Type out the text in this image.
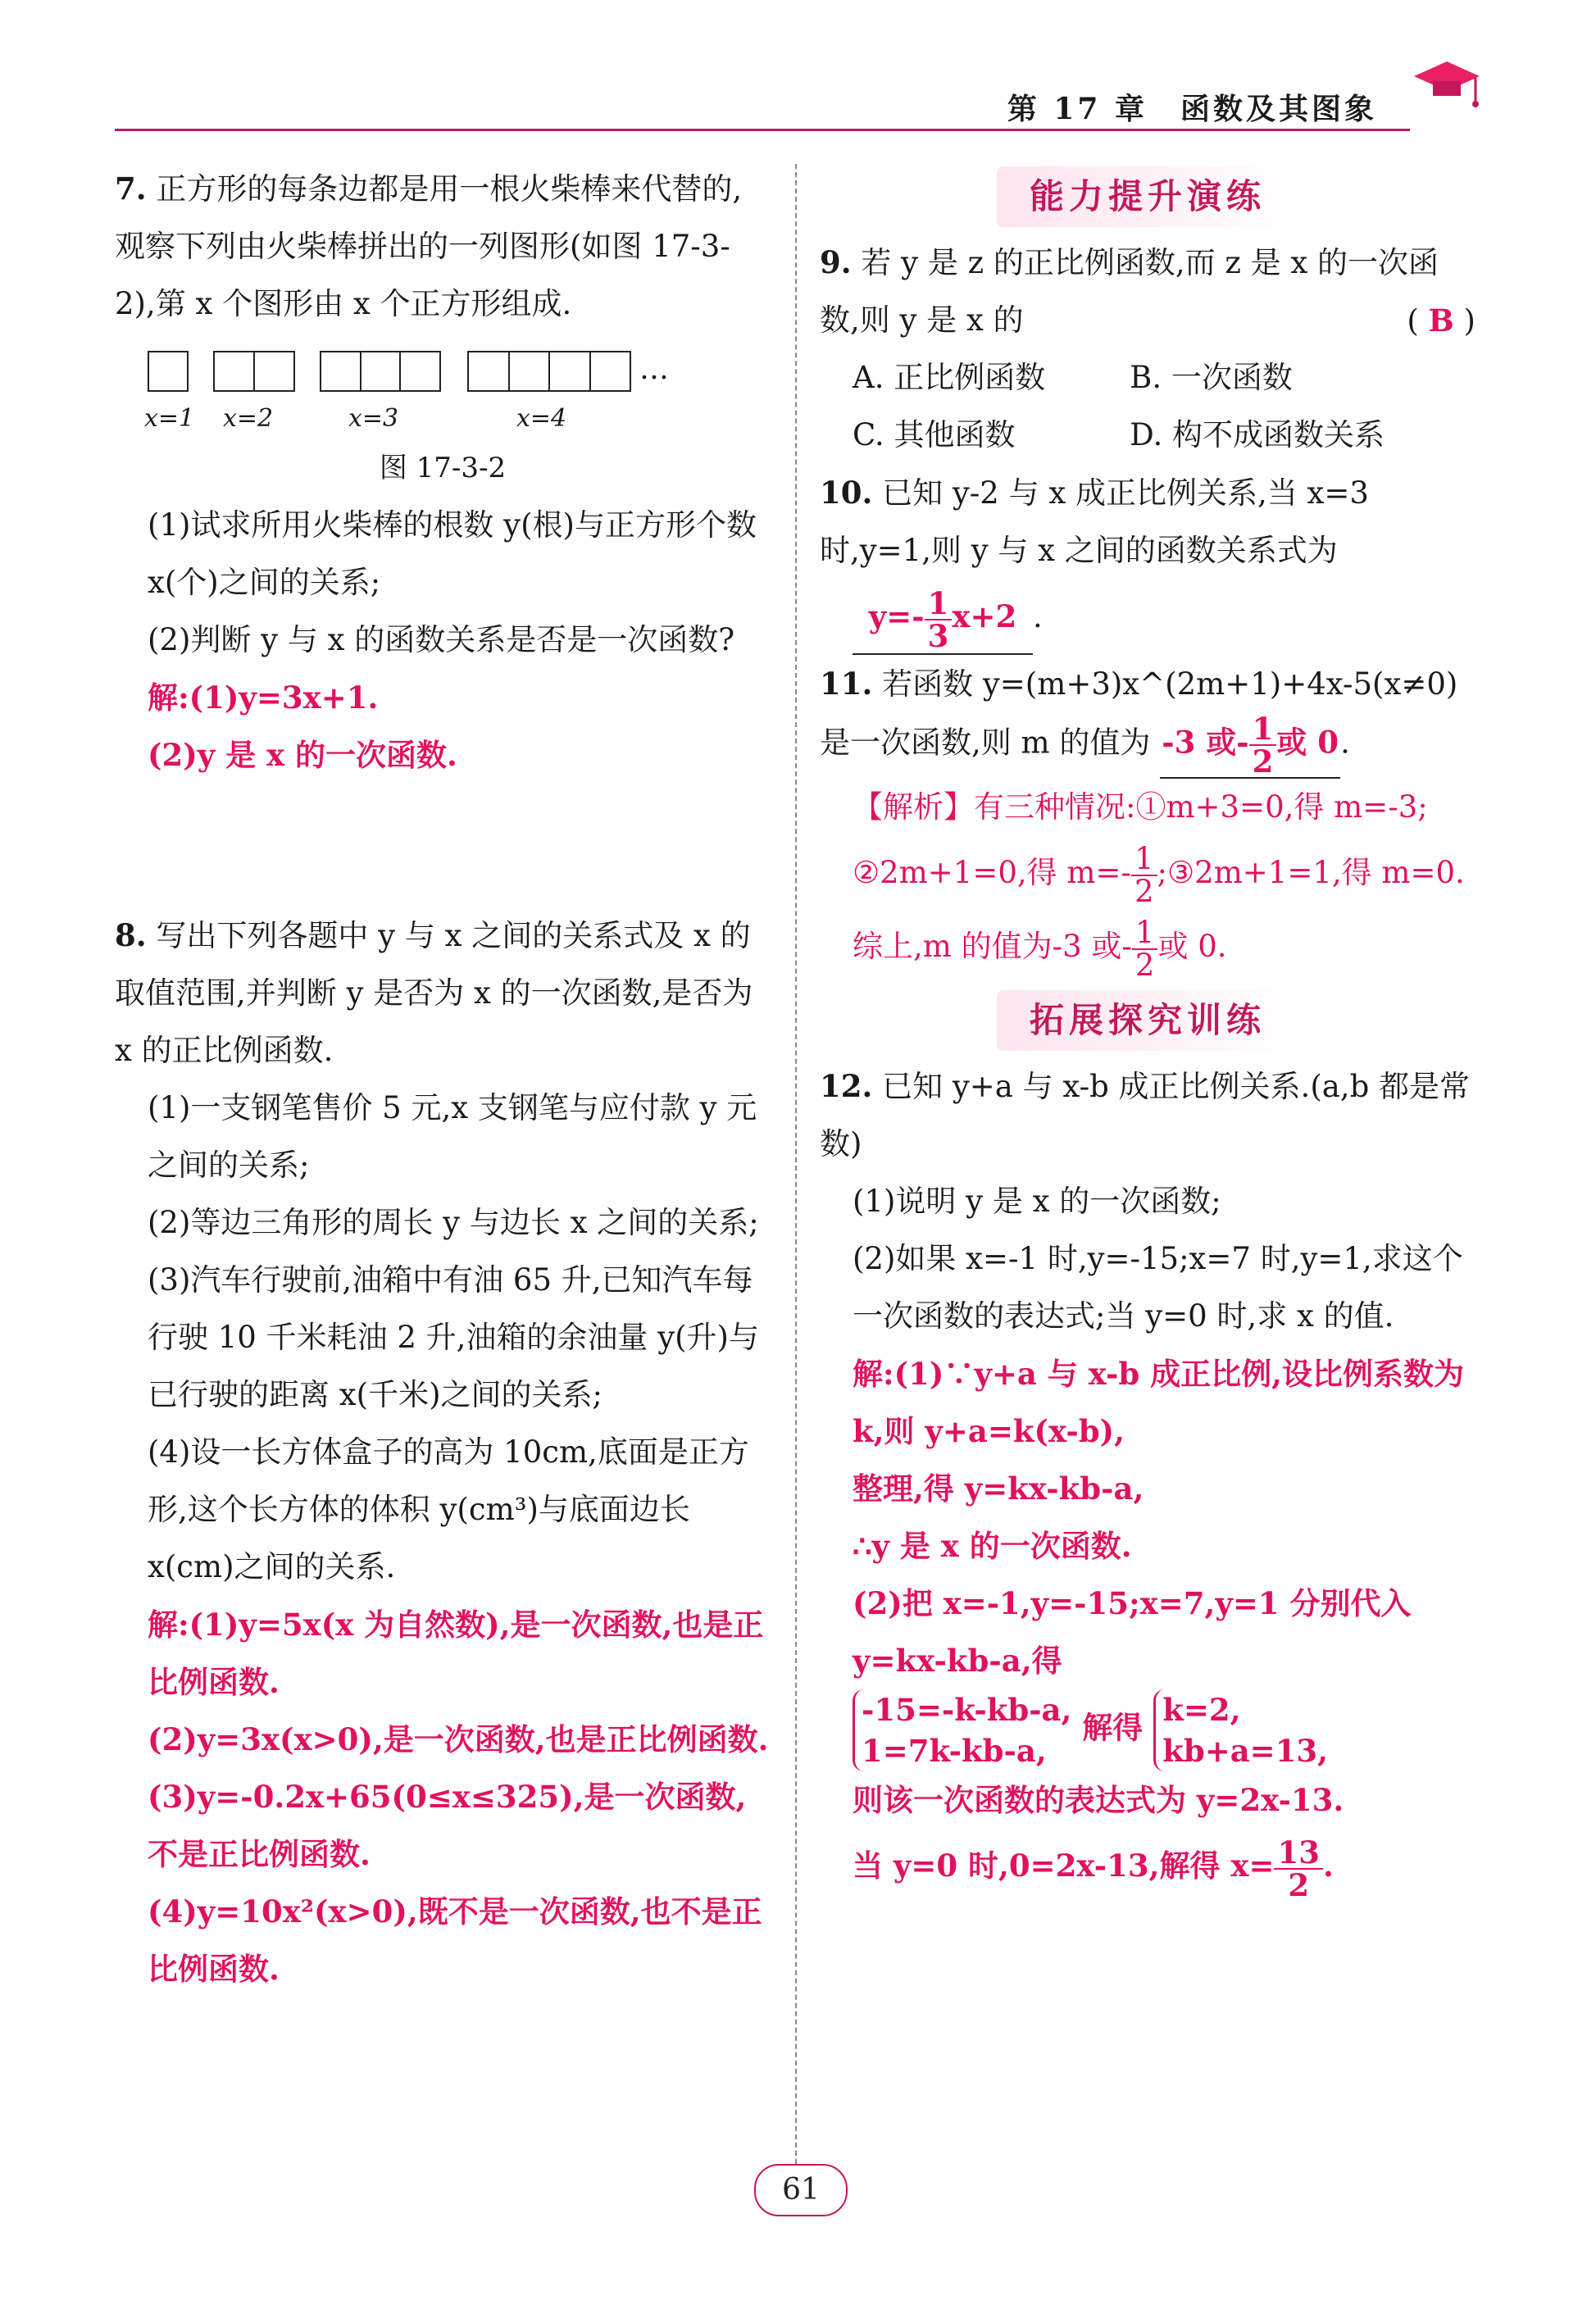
第 17 章　函数及其图象

7. 正方形的每条边都是用一根火柴棒来代替的,观察下列由火柴棒拼出的一列图形(如图 17-3-2),第 x 个图形由 x 个正方形组成.

…
x=1 x=2	x=3	x=4
图 17-3-2

(1)试求所用火柴棒的根数 y(根)与正方形个数 x(个)之间的关系;

(2)判断 y 与 x 的函数关系是否是一次函数?

解:(1)y=3x+1.

(2)y 是 x 的一次函数.

8. 写出下列各题中 y 与 x 之间的关系式及 x 的取值范围,并判断 y 是否为 x 的一次函数,是否为 x 的正比例函数.

(1)一支钢笔售价 5 元,x 支钢笔与应付款 y 元之间的关系;

(2)等边三角形的周长 y 与边长 x 之间的关系;

(3)汽车行驶前,油箱中有油 65 升,已知汽车每行驶 10 千米耗油 2 升,油箱的余油量 y(升)与已行驶的距离 x(千米)之间的关系;

(4)设一长方体盒子的高为 10cm,底面是正方形,这个长方体的体积 y(cm³)与底面边长 x(cm)之间的关系.

解:(1)y=5x(x 为自然数),是一次函数,也是正比例函数.

(2)y=3x(x>0),是一次函数,也是正比例函数.

(3)y=-0.2x+65(0≤x≤325),是一次函数,不是正比例函数.

(4)y=10x²(x>0),既不是一次函数,也不是正比例函数.

能力提升演练

9. 若 y 是 z 的正比例函数,而 z 是 x 的一次函数,则 y 是 x 的	( B )

A. 正比例函数	B. 一次函数
C. 其他函数	D. 构不成函数关系

10. 已知 y-2 与 x 成正比例关系,当 x=3 时,y=1,则 y 与 x 之间的函数关系式为

$y=- \frac{1}{3} x+2$ .

11. 若函数 y=(m+3)x^(2m+1)+4x-5(x≠0)是一次函数,则 m 的值为 -3 或- $\frac{1}{2}$ 或 0.

【解析】有三种情况:①m+3=0,得 m=-3;

②2m+1=0,得 $m=- \frac{1}{2}$ ;③2m+1=1,得 m=0.

综上,m 的值为-3 或- $\frac{1}{2}$ 或 0.

拓展探究训练

12. 已知 y+a 与 x-b 成正比例关系.(a,b 都是常数)

(1)说明 y 是 x 的一次函数;

(2)如果 x=-1 时,y=-15;x=7 时,y=1,求这个一次函数的表达式;当 y=0 时,求 x 的值.

解:(1)∵y+a 与 x-b 成正比例,设比例系数为 k,则 y+a=k(x-b),

整理,得 y=kx-kb-a,

∴y 是 x 的一次函数.

(2)把 x=-1,y=-15;x=7,y=1 分别代入 y=kx-kb-a,得

-15=-k-kb-a,
1=7k-kb-a,
解得 k=2,
kb+a=13,

则该一次函数的表达式为 y=2x-13.

当 y=0 时,0=2x-13,解得 $x= \frac{13}{2}$ .

61
